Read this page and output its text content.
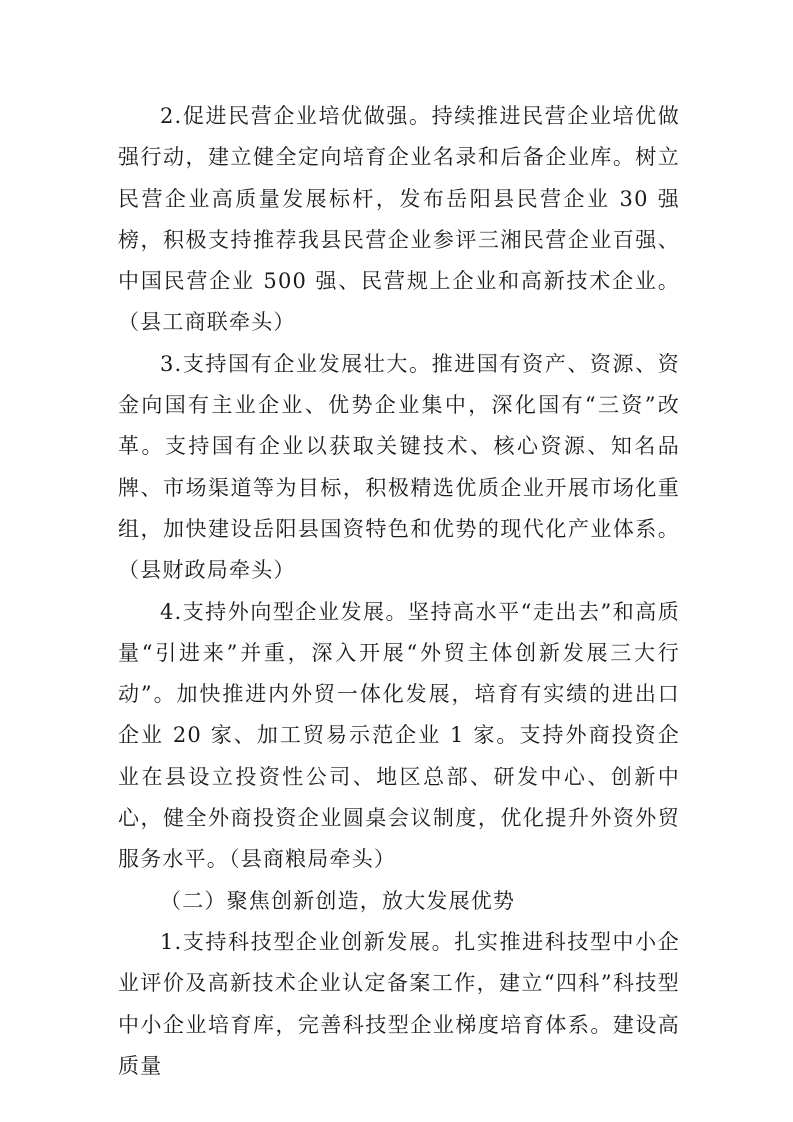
2.促进民营企业培优做强。持续推进民营企业培优做强行动，建立健全定向培育企业名录和后备企业库。树立民营企业高质量发展标杆，发布岳阳县民营企业 30 强榜，积极支持推荐我县民营企业参评三湘民营企业百强、中国民营企业 500 强、民营规上企业和高新技术企业。（县工商联牵头）

3.支持国有企业发展壮大。推进国有资产、资源、资金向国有主业企业、优势企业集中，深化国有“三资”改革。支持国有企业以获取关键技术、核心资源、知名品牌、市场渠道等为目标，积极精选优质企业开展市场化重组，加快建设岳阳县国资特色和优势的现代化产业体系。（县财政局牵头）

4.支持外向型企业发展。坚持高水平“走出去”和高质量“引进来”并重，深入开展“外贸主体创新发展三大行动”。加快推进内外贸一体化发展，培育有实绩的进出口企业 20 家、加工贸易示范企业 1 家。支持外商投资企业在县设立投资性公司、地区总部、研发中心、创新中心，健全外商投资企业圆桌会议制度，优化提升外资外贸服务水平。（县商粮局牵头）

（二）聚焦创新创造，放大发展优势

1.支持科技型企业创新发展。扎实推进科技型中小企业评价及高新技术企业认定备案工作，建立“四科”科技型中小企业培育库，完善科技型企业梯度培育体系。建设高质量
